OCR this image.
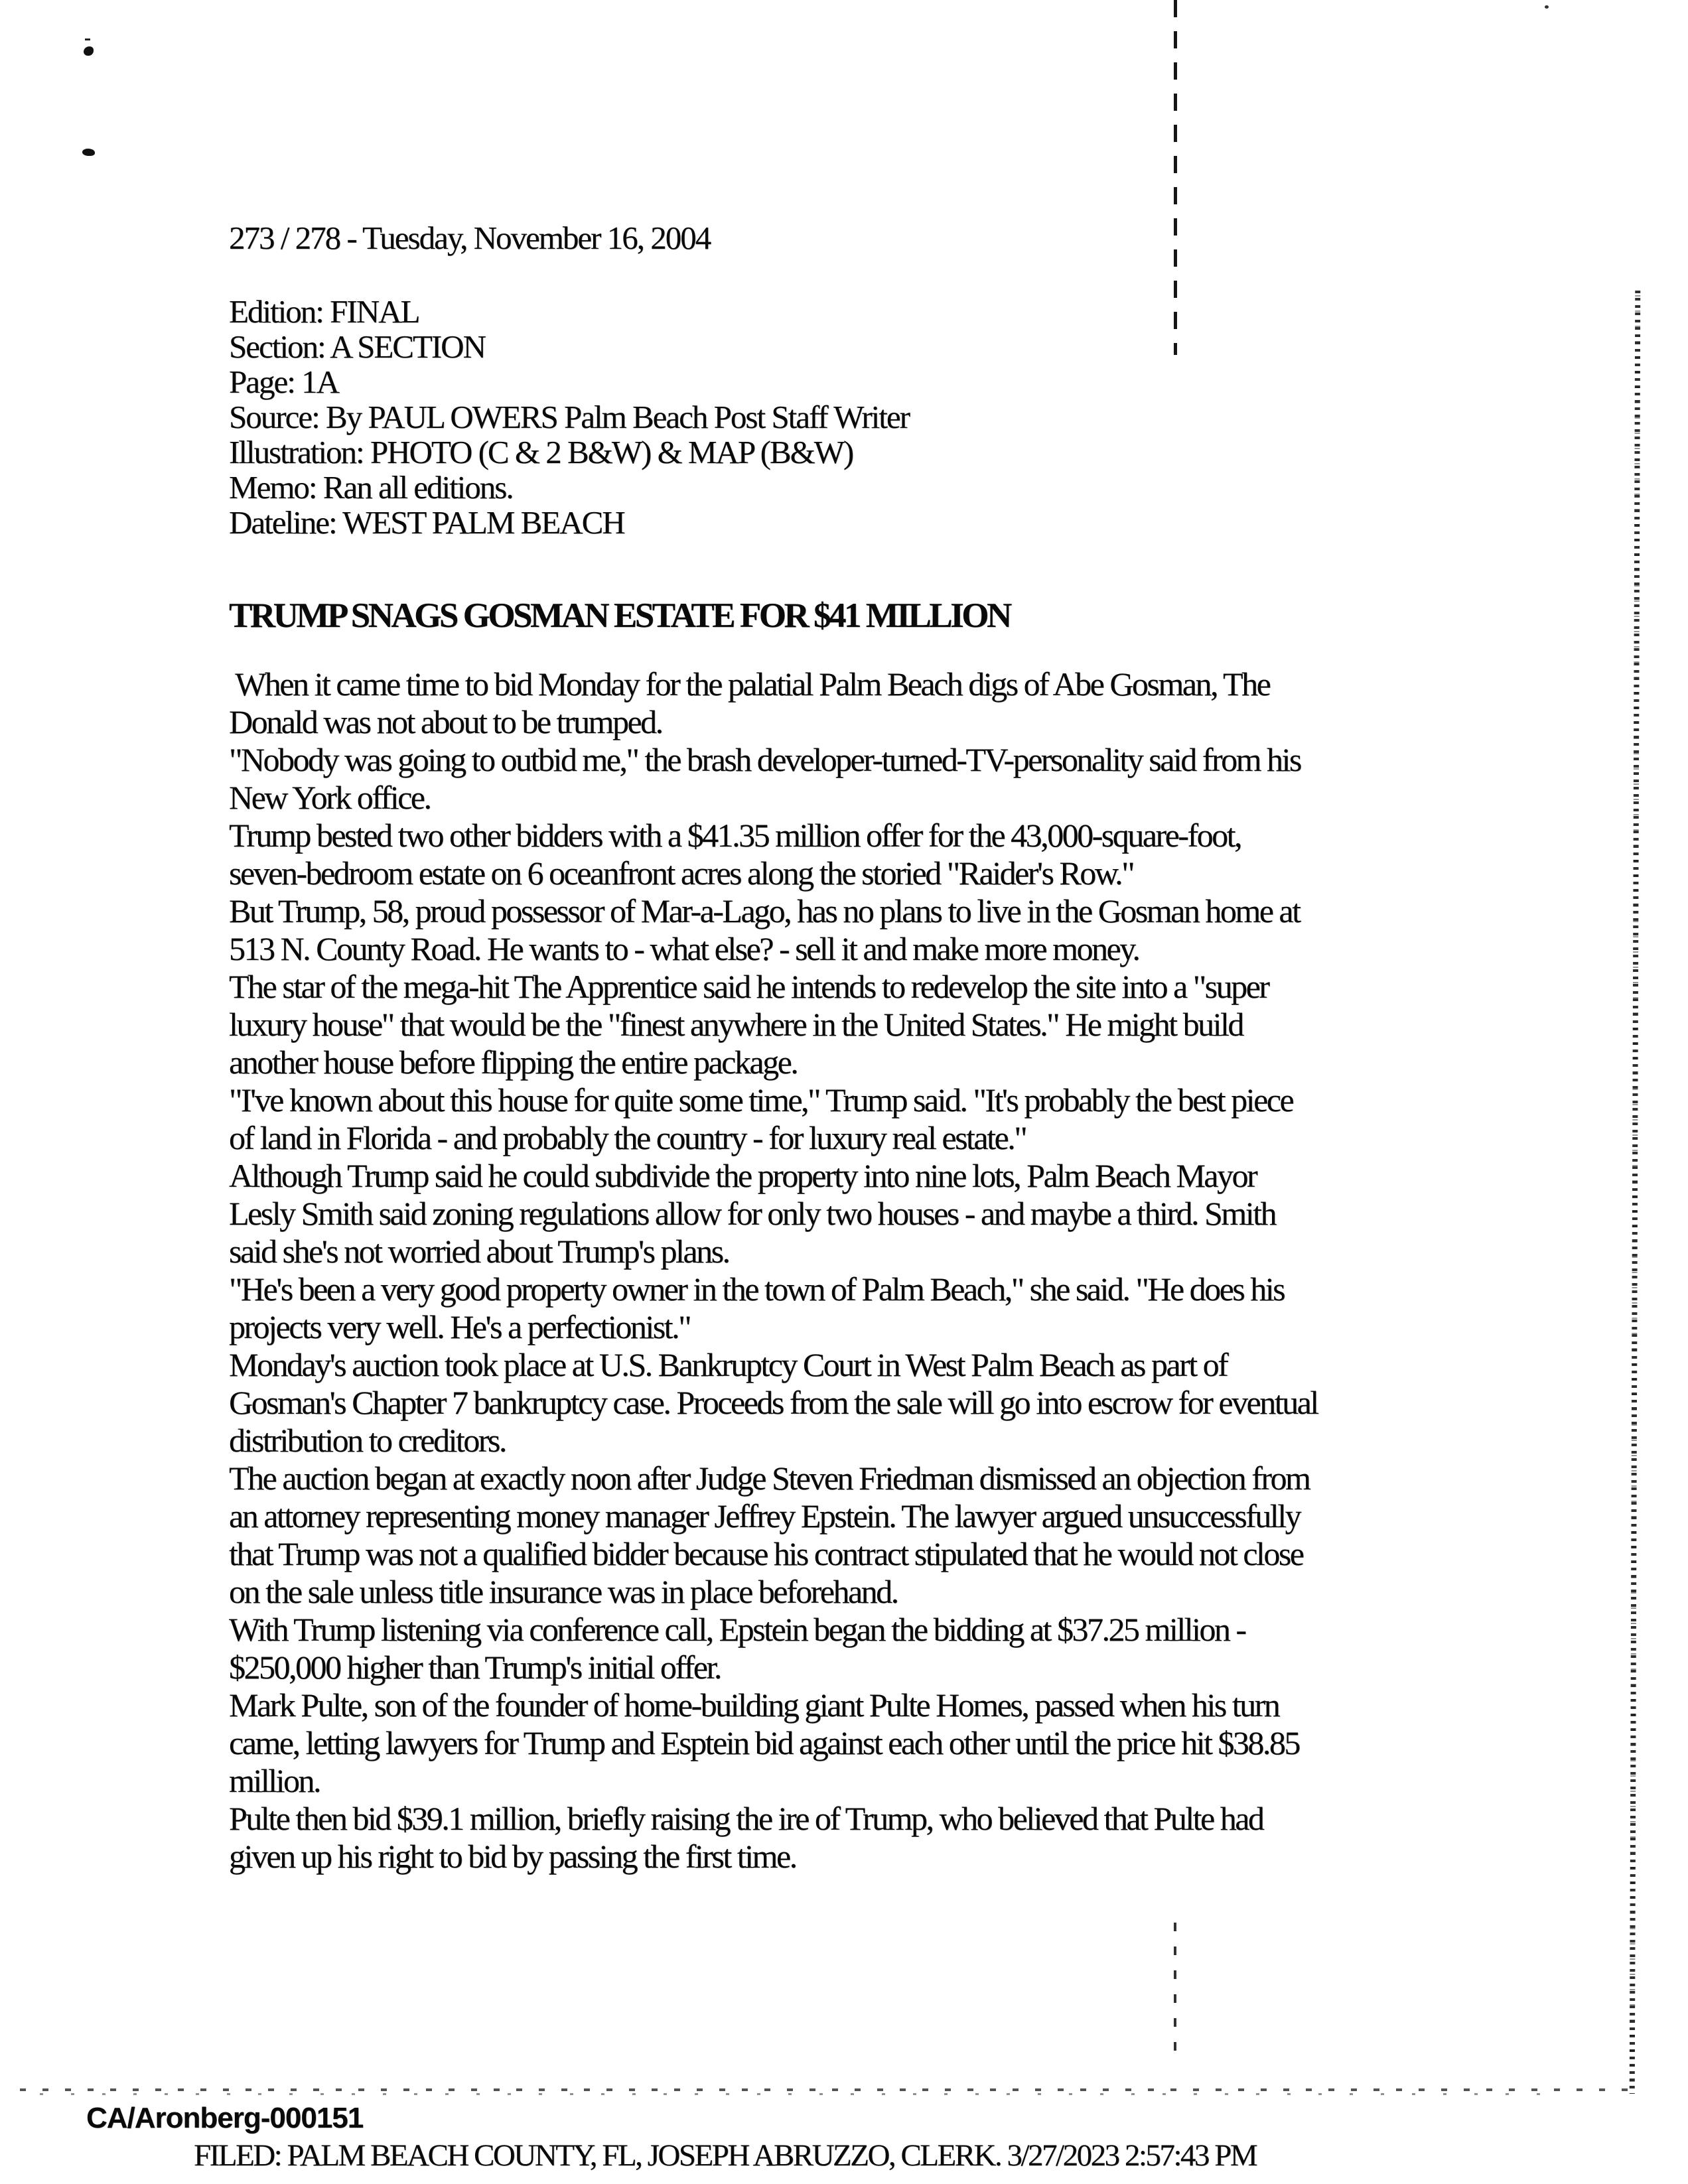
273 / 278 - Tuesday, November 16, 2004
Edition: FINAL
Section: A SECTION
Page: 1A
Source: By PAUL OWERS Palm Beach Post Staff Writer
Illustration: PHOTO (C & 2 B&W) & MAP (B&W)
Memo: Ran all editions.
Dateline: WEST PALM BEACH
TRUMP SNAGS GOSMAN ESTATE FOR $41 MILLION
When it came time to bid Monday for the palatial Palm Beach digs of Abe Gosman, The
Donald was not about to be trumped.
"Nobody was going to outbid me," the brash developer-turned-TV-personality said from his
New York office.
Trump bested two other bidders with a $41.35 million offer for the 43,000-square-foot,
seven-bedroom estate on 6 oceanfront acres along the storied "Raider's Row."
But Trump, 58, proud possessor of Mar-a-Lago, has no plans to live in the Gosman home at
513 N. County Road. He wants to - what else? - sell it and make more money.
The star of the mega-hit The Apprentice said he intends to redevelop the site into a "super
luxury house" that would be the "finest anywhere in the United States." He might build
another house before flipping the entire package.
"I've known about this house for quite some time," Trump said. "It's probably the best piece
of land in Florida - and probably the country - for luxury real estate."
Although Trump said he could subdivide the property into nine lots, Palm Beach Mayor
Lesly Smith said zoning regulations allow for only two houses - and maybe a third. Smith
said she's not worried about Trump's plans.
"He's been a very good property owner in the town of Palm Beach," she said. "He does his
projects very well. He's a perfectionist."
Monday's auction took place at U.S. Bankruptcy Court in West Palm Beach as part of
Gosman's Chapter 7 bankruptcy case. Proceeds from the sale will go into escrow for eventual
distribution to creditors.
The auction began at exactly noon after Judge Steven Friedman dismissed an objection from
an attorney representing money manager Jeffrey Epstein. The lawyer argued unsuccessfully
that Trump was not a qualified bidder because his contract stipulated that he would not close
on the sale unless title insurance was in place beforehand.
With Trump listening via conference call, Epstein began the bidding at $37.25 million -
$250,000 higher than Trump's initial offer.
Mark Pulte, son of the founder of home-building giant Pulte Homes, passed when his turn
came, letting lawyers for Trump and Esptein bid against each other until the price hit $38.85
million.
Pulte then bid $39.1 million, briefly raising the ire of Trump, who believed that Pulte had
given up his right to bid by passing the first time.
CA/Aronberg-000151
FILED: PALM BEACH COUNTY, FL, JOSEPH ABRUZZO, CLERK. 3/27/2023 2:57:43 PM
